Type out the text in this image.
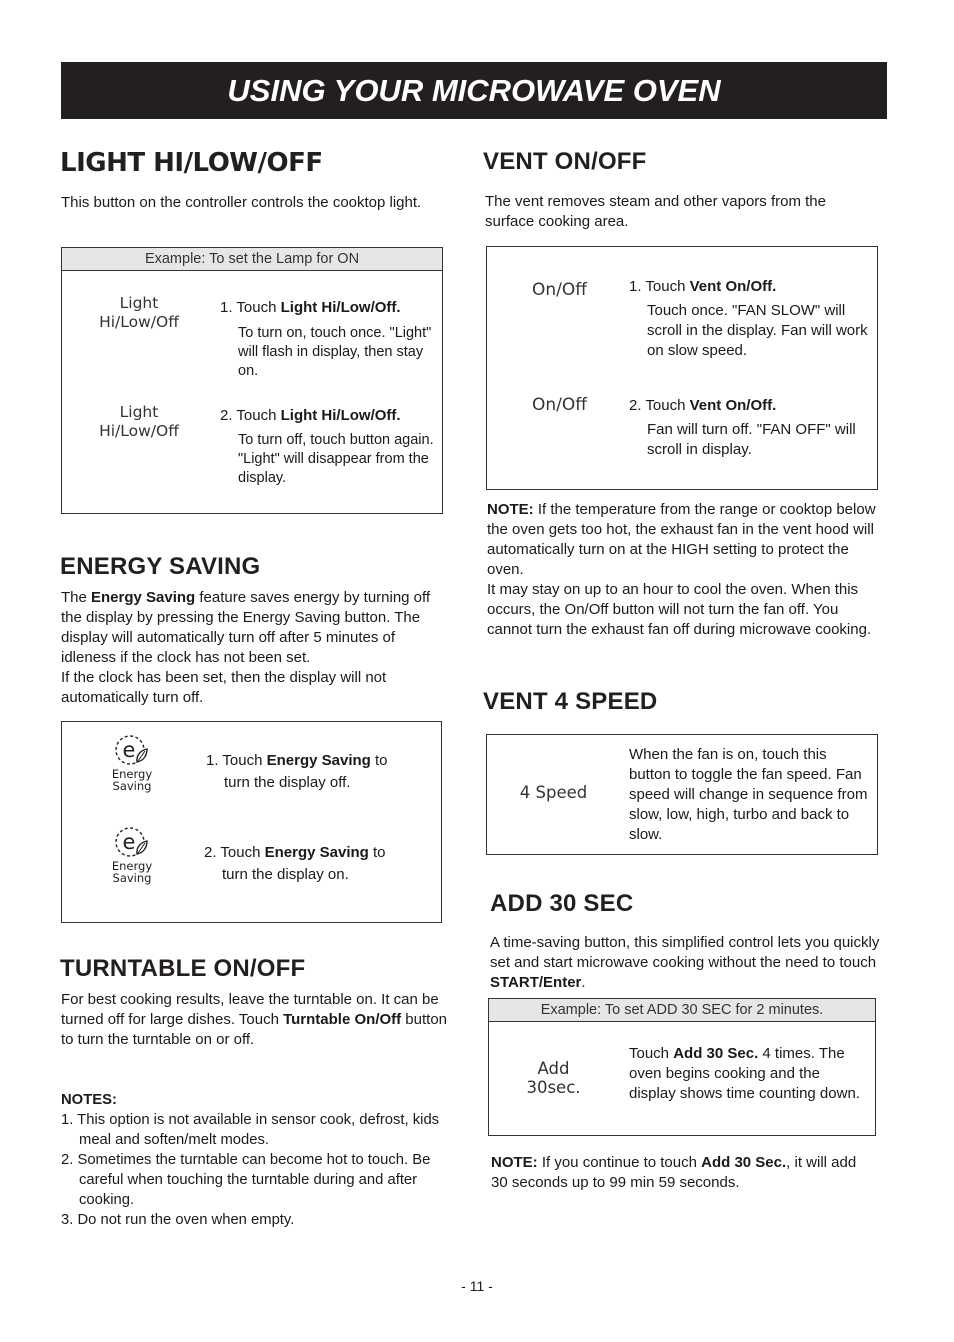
USING YOUR MICROWAVE OVEN
LIGHT HI/LOW/OFF
This button on the controller controls the cooktop light.
Example: To set the Lamp for ON
Light
Hi/Low/Off
1. Touch Light Hi/Low/Off.
To turn on, touch once. "Light" will flash in display, then stay on.
Light
Hi/Low/Off
2. Touch Light Hi/Low/Off.
To turn off, touch button again. "Light" will disappear from the display.
ENERGY SAVING
The Energy Saving feature saves energy by turning off the display by pressing the Energy Saving button. The display will automatically turn off after 5 minutes of idleness if the clock has not been set.
If the clock has been set, then the display will not automatically turn off.
e
Energy
Saving
1. Touch Energy Saving to
turn the display off.
e
Energy
Saving
2. Touch Energy Saving to
turn the display on.
TURNTABLE ON/OFF
For best cooking results, leave the turntable on. It can be turned off for large dishes. Touch Turntable On/Off button to turn the turntable on or off.
NOTES:
1. This option is not available in sensor cook, defrost, kids meal and soften/melt modes.
2. Sometimes the turntable can become hot to touch. Be careful when touching the turntable during and after cooking.
3. Do not run the oven when empty.
VENT ON/OFF
The vent removes steam and other vapors from the surface cooking area.
On/Off	1. Touch Vent On/Off.
Touch once. "FAN SLOW" will scroll in the display. Fan will work on slow speed.
On/Off	2. Touch Vent On/Off.
Fan will turn off. "FAN OFF" will scroll in display.
NOTE: If the temperature from the range or cooktop below the oven gets too hot, the exhaust fan in the vent hood will automatically turn on at the HIGH setting to protect the oven.
It may stay on up to an hour to cool the oven. When this occurs, the On/Off button will not turn the fan off. You cannot turn the exhaust fan off during microwave cooking.
VENT 4 SPEED
4 Speed
When the fan is on, touch this button to toggle the fan speed. Fan speed will change in sequence from slow, low, high, turbo and back to slow.
ADD 30 SEC
A time-saving button, this simplified control lets you quickly set and start microwave cooking without the need to touch START/Enter.
Example: To set ADD 30 SEC for 2 minutes.
Add
30sec.
Touch Add 30 Sec. 4 times. The oven begins cooking and the display shows time counting down.
NOTE: If you continue to touch Add 30 Sec., it will add 30 seconds up to 99 min 59 seconds.
- 11 -
